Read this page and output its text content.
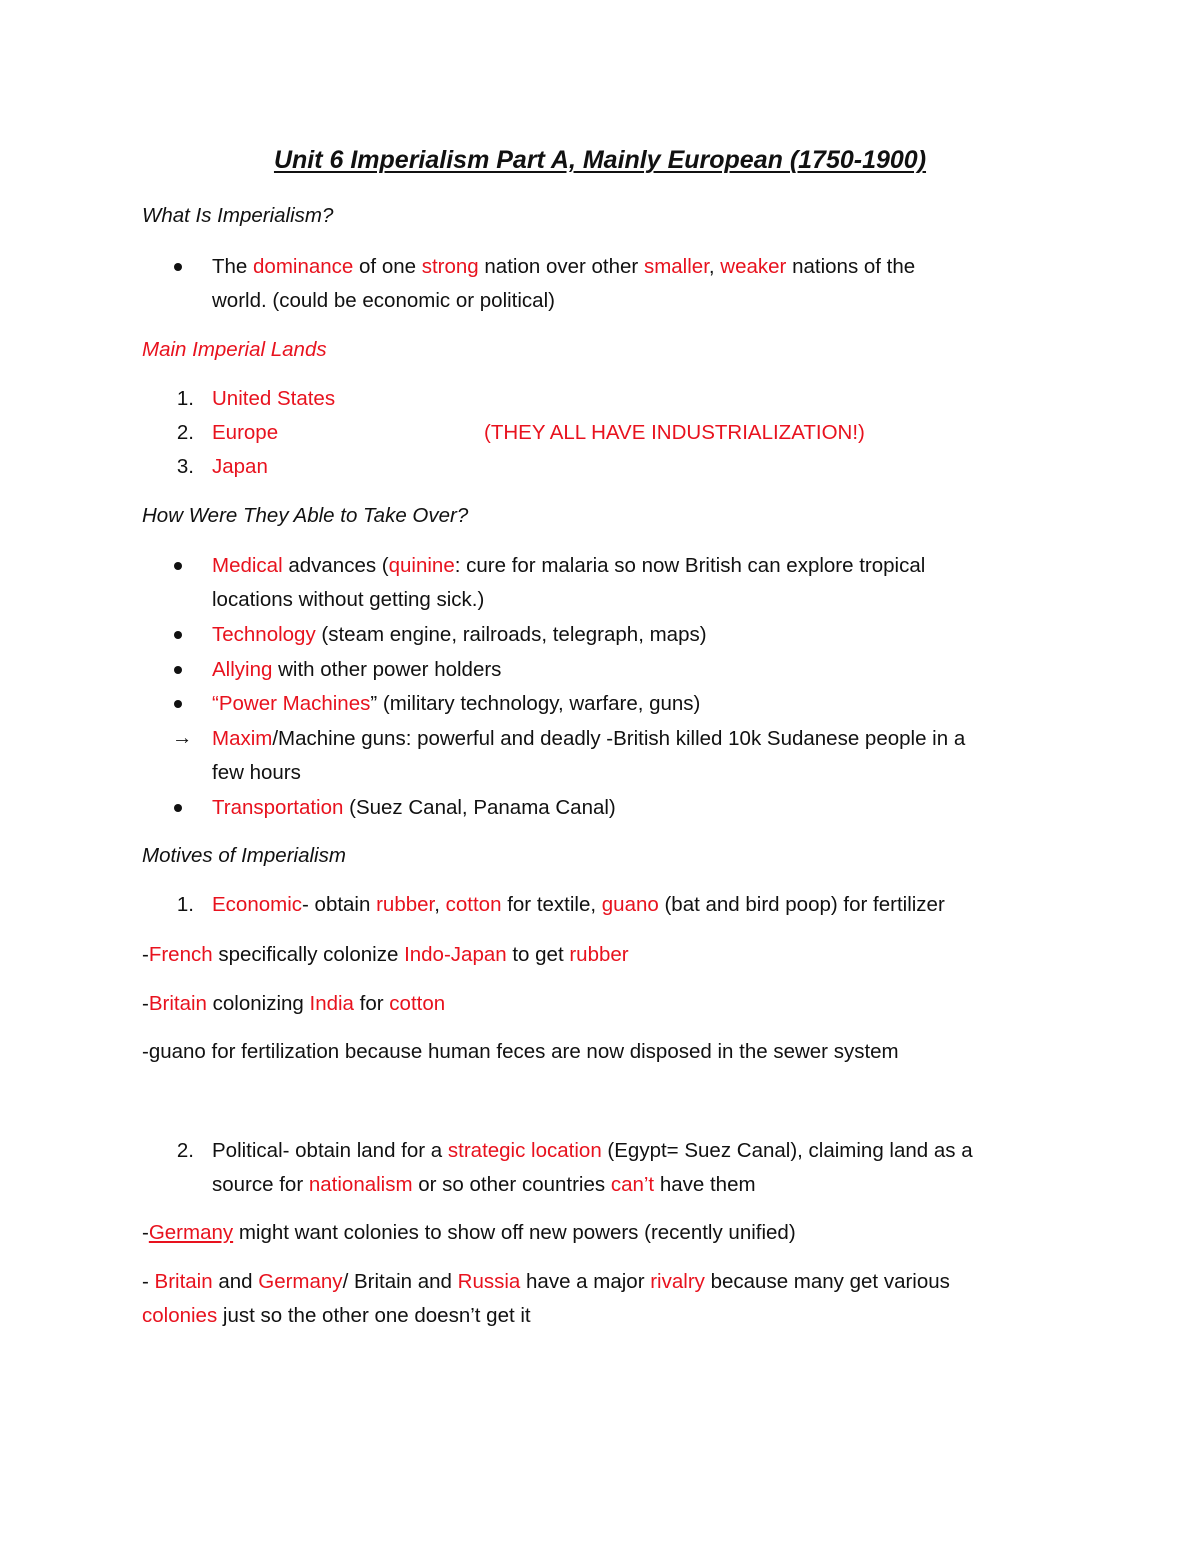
Unit 6 Imperialism Part A, Mainly European (1750-1900)
What Is Imperialism?
The dominance of one strong nation over other smaller, weaker nations of the
world. (could be economic or political)
Main Imperial Lands
1. United States
2. Europe	(THEY ALL HAVE INDUSTRIALIZATION!)
3. Japan
How Were They Able to Take Over?
Medical advances (quinine: cure for malaria so now British can explore tropical
locations without getting sick.)
Technology (steam engine, railroads, telegraph, maps)
Allying with other power holders
“Power Machines” (military technology, warfare, guns)
→ Maxim/Machine guns: powerful and deadly -British killed 10k Sudanese people in a
few hours
Transportation (Suez Canal, Panama Canal)
Motives of Imperialism
1. Economic- obtain rubber, cotton for textile, guano (bat and bird poop) for fertilizer
-French specifically colonize Indo-Japan to get rubber
-Britain colonizing India for cotton
-guano for fertilization because human feces are now disposed in the sewer system
2. Political- obtain land for a strategic location (Egypt= Suez Canal), claiming land as a
source for nationalism or so other countries can’t have them
-Germany might want colonies to show off new powers (recently unified)
- Britain and Germany/ Britain and Russia have a major rivalry because many get various
colonies just so the other one doesn’t get it
